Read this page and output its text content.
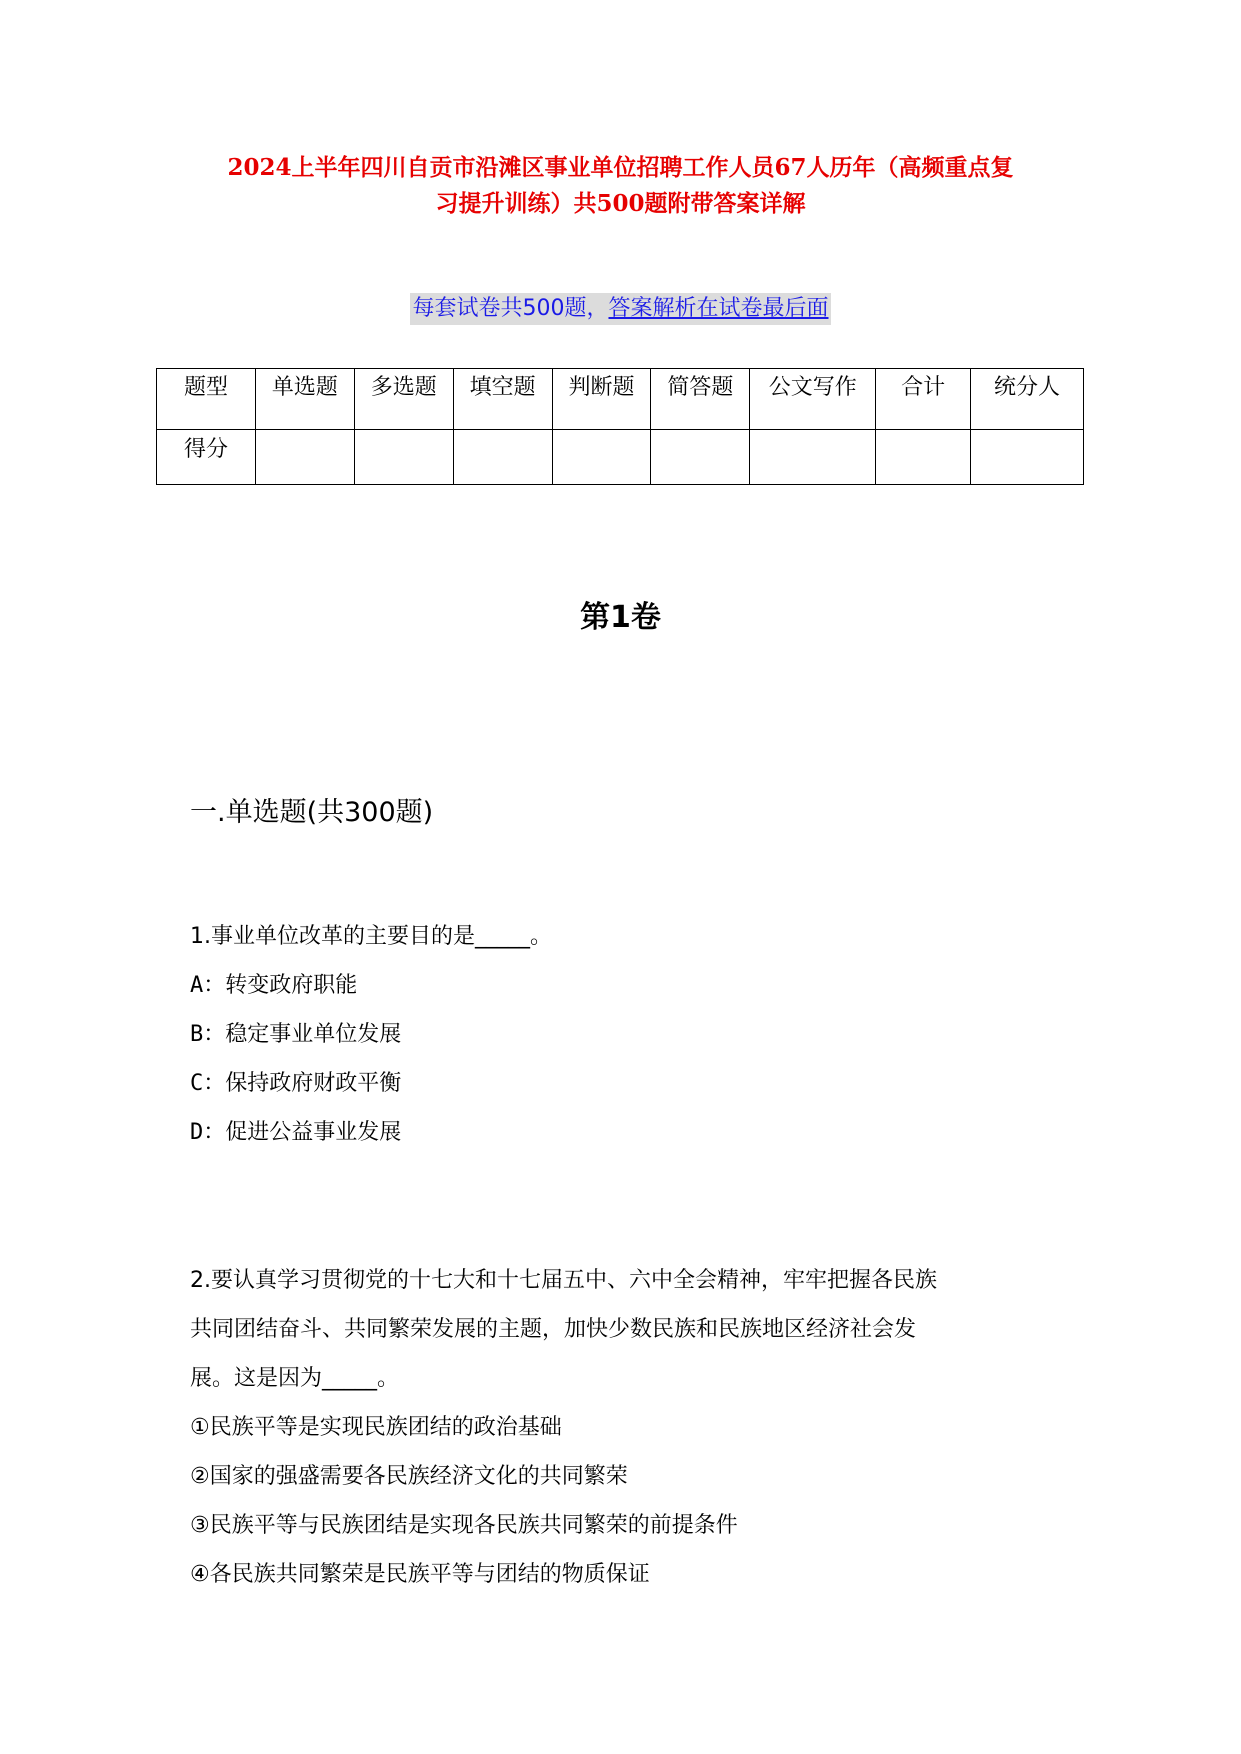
2024上半年四川自贡市沿滩区事业单位招聘工作人员67人历年（高频重点复
习提升训练）共500题附带答案详解
每套试卷共500题，答案解析在试卷最后面
题型	单选题	多选题	填空题	判断题	简答题	公文写作	合计	统分人
得分								
第1卷
一.单选题(共300题)

1.事业单位改革的主要目的是_____。

A：转变政府职能

B：稳定事业单位发展

C：保持政府财政平衡

D：促进公益事业发展

2.要认真学习贯彻党的十七大和十七届五中、六中全会精神，牢牢把握各民族

共同团结奋斗、共同繁荣发展的主题，加快少数民族和民族地区经济社会发

展。这是因为_____。

①民族平等是实现民族团结的政治基础

②国家的强盛需要各民族经济文化的共同繁荣

③民族平等与民族团结是实现各民族共同繁荣的前提条件

④各民族共同繁荣是民族平等与团结的物质保证
